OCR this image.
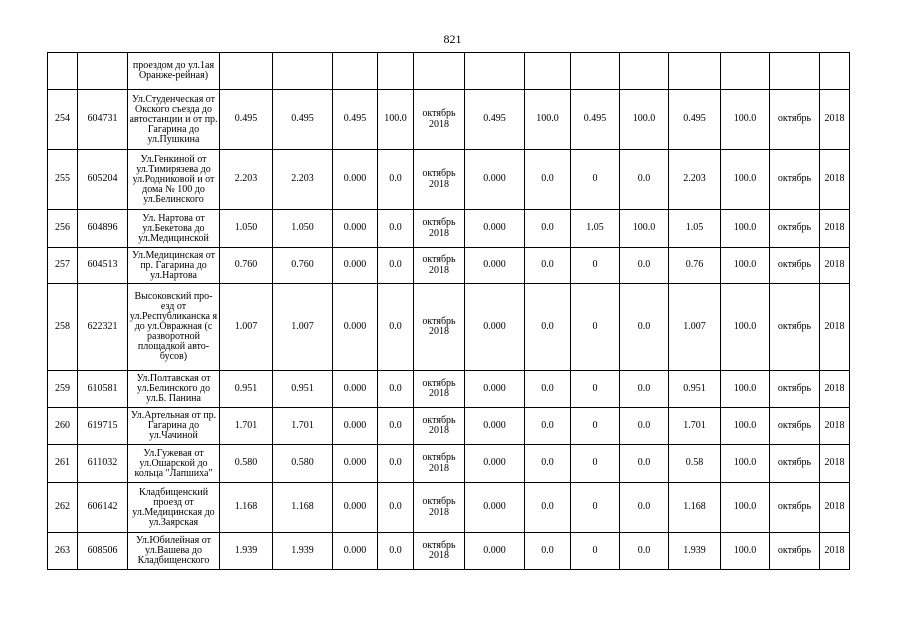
821
		проездом до ул.1ая Оранже-рейная)													
254	604731	Ул.Студенческая от Окского съезда до автостанции и от пр. Гагарина до ул.Пушкина	0.495	0.495	0.495	100.0	октябрь 2018	0.495	100.0	0.495	100.0	0.495	100.0	октябрь	2018
255	605204	Ул.Генкиной от ул.Тимирязева до ул.Родниковой и от дома № 100 до ул.Белинского	2.203	2.203	0.000	0.0	октябрь 2018	0.000	0.0	0	0.0	2.203	100.0	октябрь	2018
256	604896	Ул. Нартова от ул.Бекетова до ул.Медицинской	1.050	1.050	0.000	0.0	октябрь 2018	0.000	0.0	1.05	100.0	1.05	100.0	октябрь	2018
257	604513	Ул.Медицинская от пр. Гагарина до ул.Нартова	0.760	0.760	0.000	0.0	октябрь 2018	0.000	0.0	0	0.0	0.76	100.0	октябрь	2018
258	622321	Высоковский про-езд от ул.Республиканска я до ул.Овражная (с разворотной площадкой авто-бусов)	1.007	1.007	0.000	0.0	октябрь 2018	0.000	0.0	0	0.0	1.007	100.0	октябрь	2018
259	610581	Ул.Полтавская от ул.Белинского до ул.Б. Панина	0.951	0.951	0.000	0.0	октябрь 2018	0.000	0.0	0	0.0	0.951	100.0	октябрь	2018
260	619715	Ул.Артельная от пр. Гагарина до ул.Чачиной	1.701	1.701	0.000	0.0	октябрь 2018	0.000	0.0	0	0.0	1.701	100.0	октябрь	2018
261	611032	Ул.Гужевая от ул.Ошарской до кольца "Лапшиха"	0.580	0.580	0.000	0.0	октябрь 2018	0.000	0.0	0	0.0	0.58	100.0	октябрь	2018
262	606142	Кладбищенский проезд от ул.Медицинская до ул.Заярская	1.168	1.168	0.000	0.0	октябрь 2018	0.000	0.0	0	0.0	1.168	100.0	октябрь	2018
263	608506	Ул.Юбилейная от ул.Вашева до Кладбищенского	1.939	1.939	0.000	0.0	октябрь 2018	0.000	0.0	0	0.0	1.939	100.0	октябрь	2018
